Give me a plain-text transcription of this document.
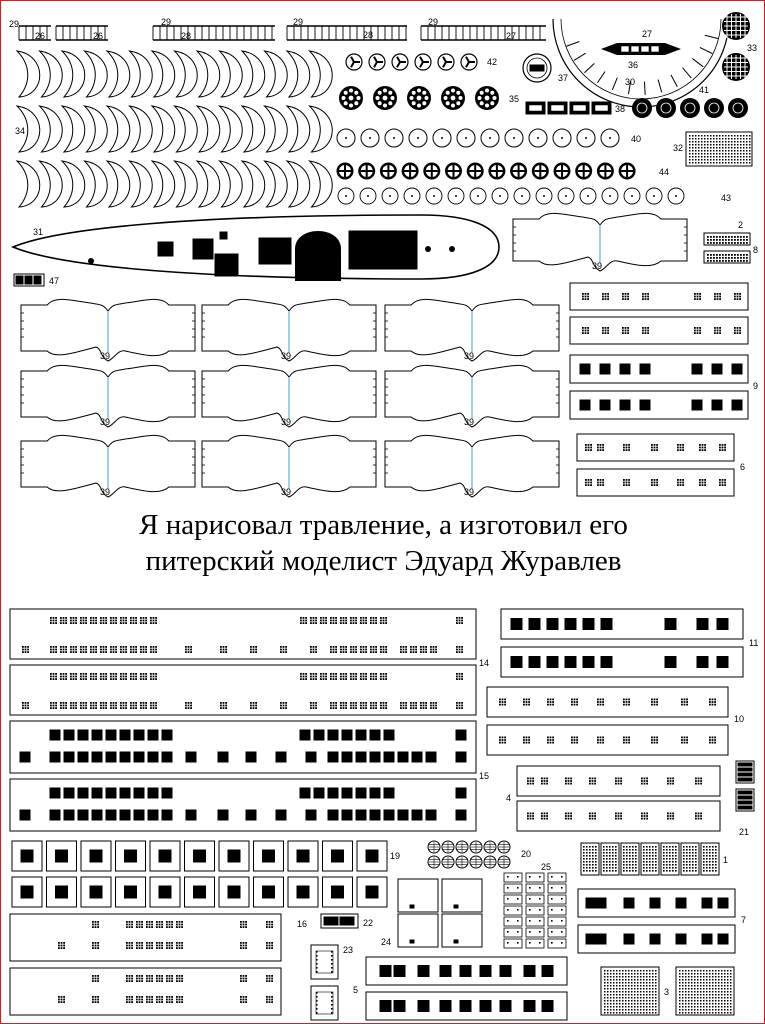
29
26	26
29
28
29
28
29
27	27
36
30
33
34
42
37
35
38
41
40
32
44
43
31
47
39
39	39	39
39	39	39
39	39	39
2
8
9
6
14
15
11
10
4
21
19	20
1
25
24
7
16	22
23
5	3
Я нарисовал травление, а изготовил его
питерский моделист Эдуард Журавлев
